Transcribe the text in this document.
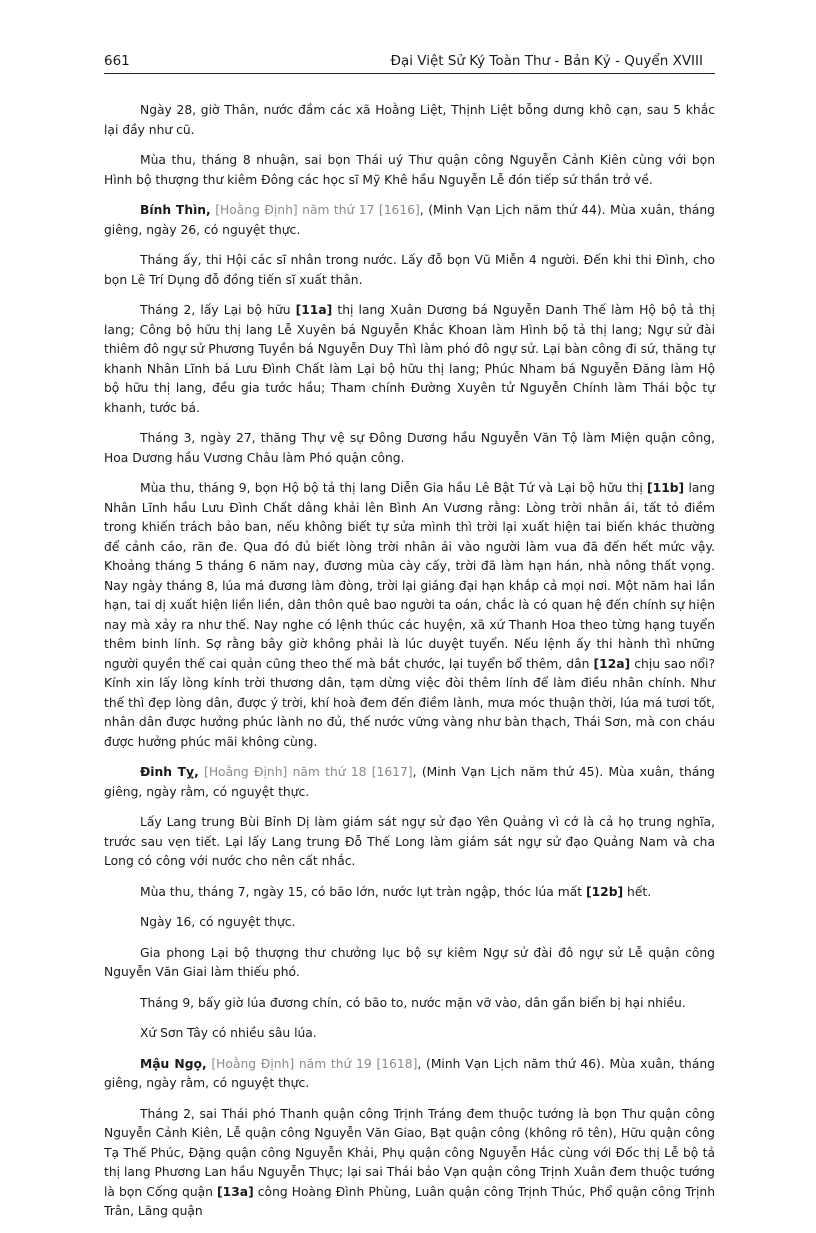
661	Đại Việt Sử Ký Toàn Thư - Bản Kỷ - Quyển XVIII

Ngày 28, giờ Thân, nước đầm các xã Hoằng Liệt, Thịnh Liệt bỗng dưng khô cạn, sau 5 khắc lại đầy như cũ.

Mùa thu, tháng 8 nhuận, sai bọn Thái uý Thư quận công Nguyễn Cảnh Kiên cùng với bọn Hình bộ thượng thư kiêm Đông các học sĩ Mỹ Khê hầu Nguyễn Lễ đón tiếp sứ thần trở về.

Bính Thìn, [Hoằng Định] năm thứ 17 [1616], (Minh Vạn Lịch năm thứ 44). Mùa xuân, tháng giêng, ngày 26, có nguyệt thực.

Tháng ấy, thi Hội các sĩ nhân trong nước. Lấy đỗ bọn Vũ Miễn 4 người. Đến khi thi Đình, cho bọn Lê Trí Dụng đỗ đồng tiến sĩ xuất thân.

Tháng 2, lấy Lại bộ hữu [11a] thị lang Xuân Dương bá Nguyễn Danh Thế làm Hộ bộ tả thị lang; Công bộ hữu thị lang Lễ Xuyên bá Nguyễn Khắc Khoan làm Hình bộ tả thị lang; Ngự sử đài thiêm đô ngự sử Phương Tuyền bá Nguyễn Duy Thì làm phó đô ngự sử. Lại bàn công đi sứ, thăng tự khanh Nhân Lĩnh bá Lưu Đình Chất làm Lại bộ hữu thị lang; Phúc Nham bá Nguyễn Đăng làm Hộ bộ hữu thị lang, đều gia tước hầu; Tham chính Đường Xuyên tử Nguyễn Chính làm Thái bộc tự khanh, tước bá.

Tháng 3, ngày 27, thăng Thự vệ sự Đông Dương hầu Nguyễn Văn Tộ làm Miện quận công, Hoa Dương hầu Vương Châu làm Phó quận công.

Mùa thu, tháng 9, bọn Hộ bộ tả thị lang Diễn Gia hầu Lê Bật Tứ và Lại bộ hữu thị [11b] lang Nhân Lĩnh hầu Lưu Đình Chất dâng khải lên Bình An Vương rằng: Lòng trời nhân ái, tất tỏ điềm trong khiến trách bảo ban, nếu không biết tự sửa mình thì trời lại xuất hiện tai biến khác thường để cảnh cáo, răn đe. Qua đó đủ biết lòng trời nhân ái vào người làm vua đã đến hết mức vậy. Khoảng tháng 5 tháng 6 năm nay, đương mùa cày cấy, trời đã làm hạn hán, nhà nông thất vọng. Nay ngày tháng 8, lúa má đương làm đòng, trời lại giáng đại hạn khắp cả mọi nơi. Một năm hai lần hạn, tai dị xuất hiện liền liền, dân thôn quê bao người ta oán, chắc là có quan hệ đến chính sự hiện nay mà xảy ra như thế. Nay nghe có lệnh thúc các huyện, xã xứ Thanh Hoa theo từng hạng tuyển thêm binh lính. Sợ rằng bây giờ không phải là lúc duyệt tuyển. Nếu lệnh ấy thi hành thì những người quyền thế cai quản cũng theo thế mà bắt chước, lại tuyển bổ thêm, dân [12a] chịu sao nổi? Kính xin lấy lòng kính trời thương dân, tạm dừng việc đòi thêm lính để làm điều nhân chính. Như thế thì đẹp lòng dân, được ý trời, khí hoà đem đến điềm lành, mưa móc thuận thời, lúa má tươi tốt, nhân dân được hưởng phúc lành no đủ, thế nước vững vàng như bàn thạch, Thái Sơn, mà con cháu được hưởng phúc mãi không cùng.

Đinh Tỵ, [Hoằng Định] năm thứ 18 [1617], (Minh Vạn Lịch năm thứ 45). Mùa xuân, tháng giêng, ngày rằm, có nguyệt thực.

Lấy Lang trung Bùi Bỉnh Dị làm giám sát ngự sử đạo Yên Quảng vì cớ là cả họ trung nghĩa, trước sau vẹn tiết. Lại lấy Lang trung Đỗ Thế Long làm giám sát ngự sử đạo Quảng Nam và cha Long có công với nước cho nên cất nhắc.

Mùa thu, tháng 7, ngày 15, có bão lớn, nước lụt tràn ngập, thóc lúa mất [12b] hết.

Ngày 16, có nguyệt thực.

Gia phong Lại bộ thượng thư chưởng lục bộ sự kiêm Ngự sử đài đô ngự sử Lễ quận công Nguyễn Văn Giai làm thiếu phó.

Tháng 9, bấy giờ lúa đương chín, có bão to, nước mặn vỡ vào, dân gần biển bị hại nhiều.

Xứ Sơn Tây có nhiều sâu lúa.

Mậu Ngọ, [Hoằng Định] năm thứ 19 [1618], (Minh Vạn Lịch năm thứ 46). Mùa xuân, tháng giêng, ngày rằm, có nguyệt thực.

Tháng 2, sai Thái phó Thanh quận công Trịnh Tráng đem thuộc tướng là bọn Thư quận công Nguyễn Cảnh Kiên, Lễ quận công Nguyễn Văn Giao, Bạt quận công (không rõ tên), Hữu quận công Tạ Thế Phúc, Đặng quận công Nguyễn Khải, Phụ quận công Nguyễn Hắc cùng với Đốc thị Lễ bộ tả thị lang Phương Lan hầu Nguyễn Thực; lại sai Thái bảo Vạn quận công Trịnh Xuân đem thuộc tướng là bọn Cống quận [13a] công Hoàng Đình Phùng, Luân quận công Trịnh Thúc, Phổ quận công Trịnh Trân, Lãng quận
